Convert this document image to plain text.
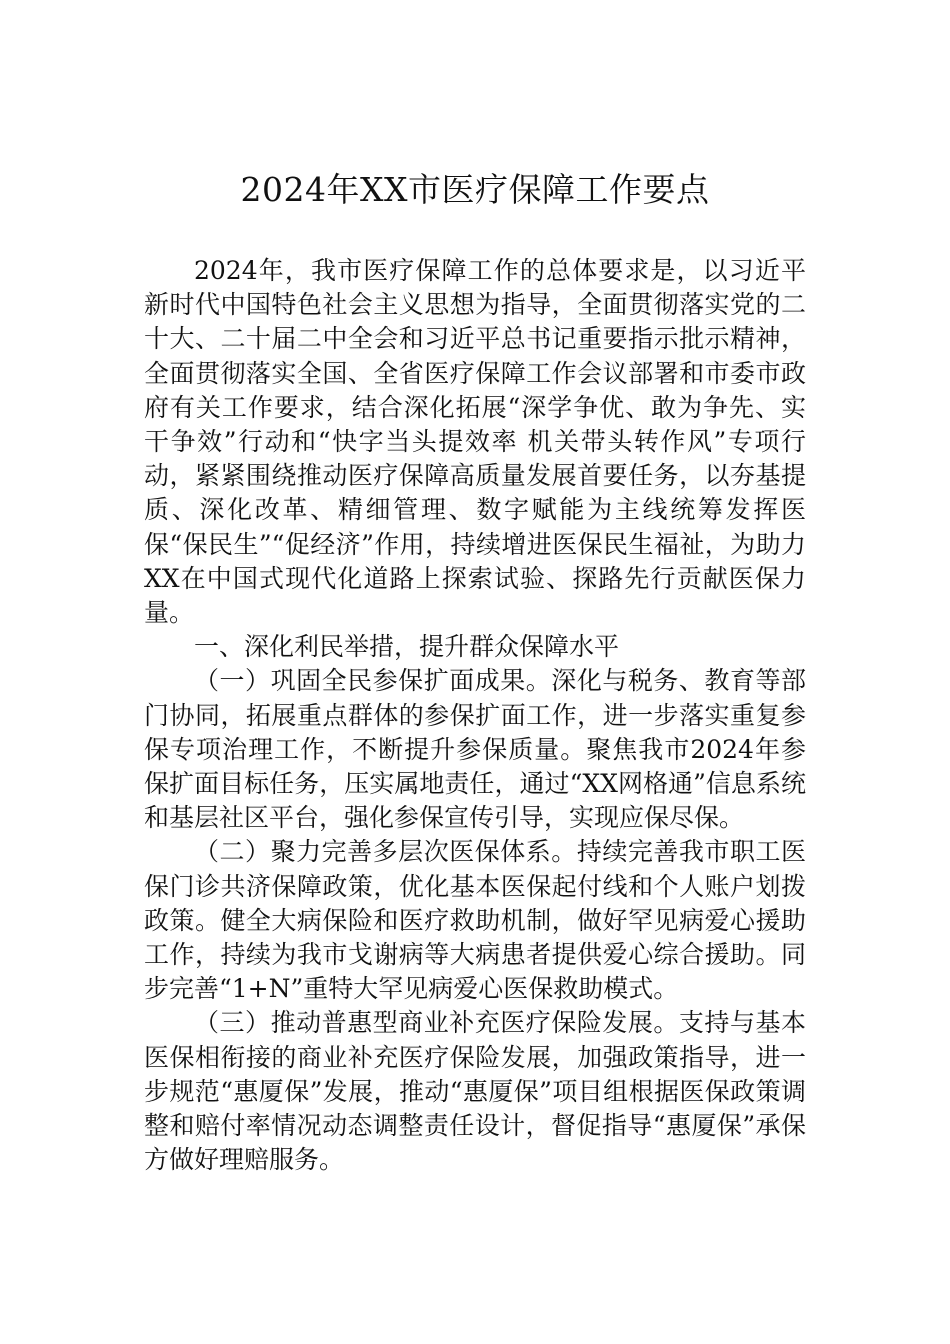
2024年XX市医疗保障工作要点

2024年，我市医疗保障工作的总体要求是，以习近平新时代中国特色社会主义思想为指导，全面贯彻落实党的二十大、二十届二中全会和习近平总书记重要指示批示精神，全面贯彻落实全国、全省医疗保障工作会议部署和市委市政府有关工作要求，结合深化拓展“深学争优、敢为争先、实干争效”行动和“快字当头提效率 机关带头转作风”专项行动，紧紧围绕推动医疗保障高质量发展首要任务，以夯基提质、深化改革、精细管理、数字赋能为主线统筹发挥医保“保民生”“促经济”作用，持续增进医保民生福祉，为助力XX在中国式现代化道路上探索试验、探路先行贡献医保力量。

一、深化利民举措，提升群众保障水平

（一）巩固全民参保扩面成果。深化与税务、教育等部门协同，拓展重点群体的参保扩面工作，进一步落实重复参保专项治理工作，不断提升参保质量。聚焦我市2024年参保扩面目标任务，压实属地责任，通过“XX网格通”信息系统和基层社区平台，强化参保宣传引导，实现应保尽保。

（二）聚力完善多层次医保体系。持续完善我市职工医保门诊共济保障政策，优化基本医保起付线和个人账户划拨政策。健全大病保险和医疗救助机制，做好罕见病爱心援助工作，持续为我市戈谢病等大病患者提供爱心综合援助。同步完善“1+N”重特大罕见病爱心医保救助模式。

（三）推动普惠型商业补充医疗保险发展。支持与基本医保相衔接的商业补充医疗保险发展，加强政策指导，进一步规范“惠厦保”发展，推动“惠厦保”项目组根据医保政策调整和赔付率情况动态调整责任设计，督促指导“惠厦保”承保方做好理赔服务。
